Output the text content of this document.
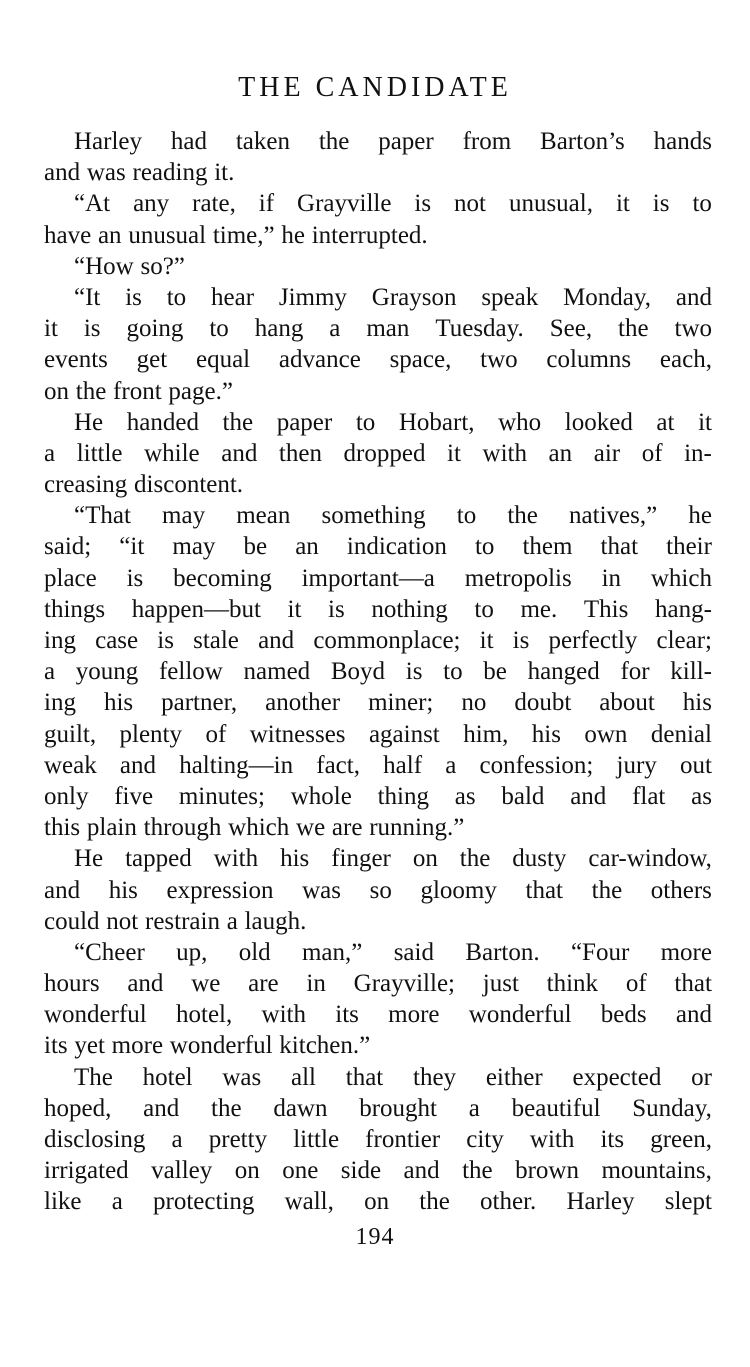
THE CANDIDATE
Harley had taken the paper from Barton’s hands
and was reading it.
“At any rate, if Grayville is not unusual, it is to
have an unusual time,” he interrupted.
“How so?”
“It is to hear Jimmy Grayson speak Monday, and
it is going to hang a man Tuesday. See, the two
events get equal advance space, two columns each,
on the front page.”
He handed the paper to Hobart, who looked at it
a little while and then dropped it with an air of in-
creasing discontent.
“That may mean something to the natives,” he
said; “it may be an indication to them that their
place is becoming important—a metropolis in which
things happen—but it is nothing to me. This hang-
ing case is stale and commonplace; it is perfectly clear;
a young fellow named Boyd is to be hanged for kill-
ing his partner, another miner; no doubt about his
guilt, plenty of witnesses against him, his own denial
weak and halting—in fact, half a confession; jury out
only five minutes; whole thing as bald and flat as
this plain through which we are running.”
He tapped with his finger on the dusty car-window,
and his expression was so gloomy that the others
could not restrain a laugh.
“Cheer up, old man,” said Barton. “Four more
hours and we are in Grayville; just think of that
wonderful hotel, with its more wonderful beds and
its yet more wonderful kitchen.”
The hotel was all that they either expected or
hoped, and the dawn brought a beautiful Sunday,
disclosing a pretty little frontier city with its green,
irrigated valley on one side and the brown mountains,
like a protecting wall, on the other. Harley slept
194
